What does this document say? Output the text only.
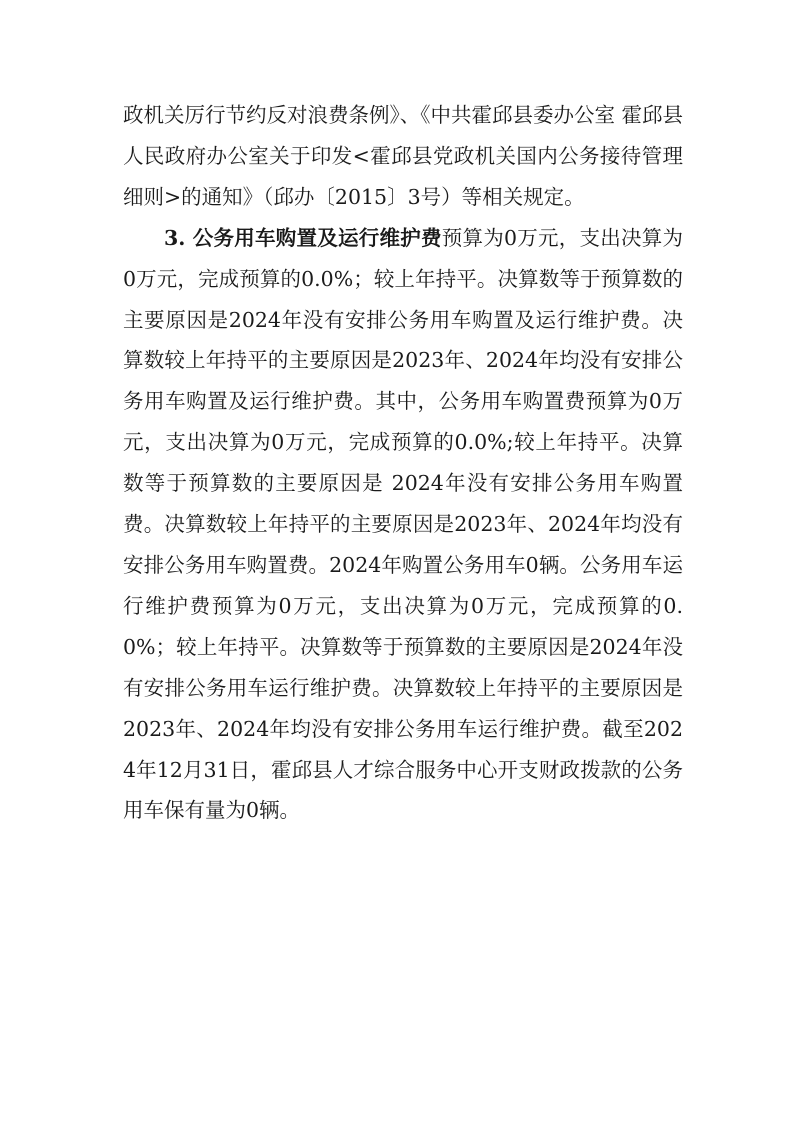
政机关厉行节约反对浪费条例》、《中共霍邱县委办公室 霍邱县人民政府办公室关于印发<霍邱县党政机关国内公务接待管理细则>的通知》（邱办〔2015〕3号）等相关规定。

3. 公务用车购置及运行维护费预算为0万元，支出决算为 0万元，完成预算的0.0%；较上年持平。决算数等于预算数的主要原因是2024年没有安排公务用车购置及运行维护费。决算数较上年持平的主要原因是2023年、2024年均没有安排公务用车购置及运行维护费。其中，公务用车购置费预算为0万元，支出决算为0万元，完成预算的0.0%;较上年持平。决算数等于预算数的主要原因是 2024年没有安排公务用车购置费。决算数较上年持平的主要原因是2023年、2024年均没有安排公务用车购置费。2024年购置公务用车0辆。公务用车运行维护费预算为0万元，支出决算为0万元，完成预算的0.0%；较上年持平。决算数等于预算数的主要原因是2024年没有安排公务用车运行维护费。决算数较上年持平的主要原因是 2023年、2024年均没有安排公务用车运行维护费。截至2024年12月31日，霍邱县人才综合服务中心开支财政拨款的公务用车保有量为0辆。
